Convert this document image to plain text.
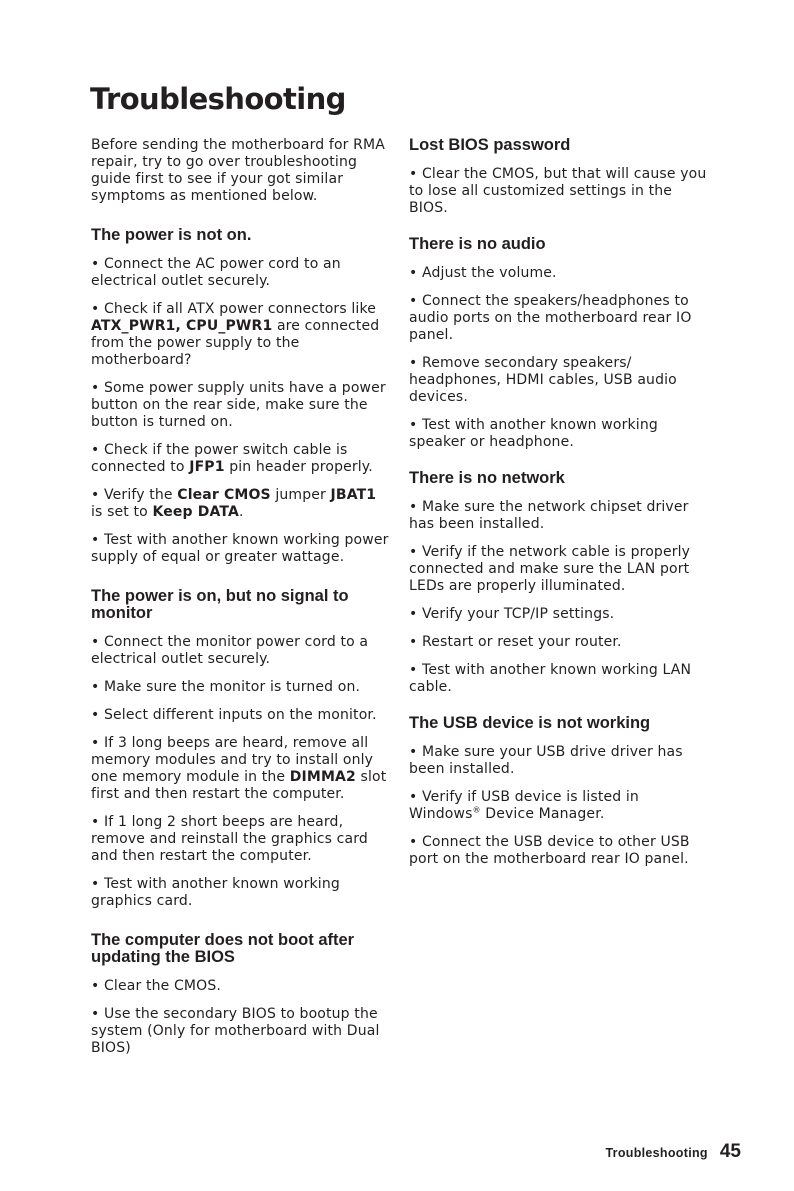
Troubleshooting

Before sending the motherboard for RMA repair, try to go over troubleshooting guide first to see if your got similar symptoms as mentioned below.

The power is not on.

• Connect the AC power cord to an electrical outlet securely.

• Check if all ATX power connectors like ATX_PWR1, CPU_PWR1 are connected from the power supply to the motherboard?

• Some power supply units have a power button on the rear side, make sure the button is turned on.

• Check if the power switch cable is connected to JFP1 pin header properly.

• Verify the Clear CMOS jumper JBAT1 is set to Keep DATA.

• Test with another known working power supply of equal or greater wattage.

The power is on, but no signal to monitor

• Connect the monitor power cord to a electrical outlet securely.

• Make sure the monitor is turned on.

• Select different inputs on the monitor.

• If 3 long beeps are heard, remove all memory modules and try to install only one memory module in the DIMMA2 slot first and then restart the computer.

• If 1 long 2 short beeps are heard, remove and reinstall the graphics card and then restart the computer.

• Test with another known working graphics card.

The computer does not boot after updating the BIOS

• Clear the CMOS.

• Use the secondary BIOS to bootup the system (Only for motherboard with Dual BIOS)

Lost BIOS password

• Clear the CMOS, but that will cause you to lose all customized settings in the BIOS.

There is no audio

• Adjust the volume.

• Connect the speakers/headphones to audio ports on the motherboard rear IO panel.

• Remove secondary speakers/ headphones, HDMI cables, USB audio devices.

• Test with another known working speaker or headphone.

There is no network

• Make sure the network chipset driver has been installed.

• Verify if the network cable is properly connected and make sure the LAN port LEDs are properly illuminated.

• Verify your TCP/IP settings.

• Restart or reset your router.

• Test with another known working LAN cable.

The USB device is not working

• Make sure your USB drive driver has been installed.

• Verify if USB device is listed in Windows® Device Manager.

• Connect the USB device to other USB port on the motherboard rear IO panel.

Troubleshooting 45
